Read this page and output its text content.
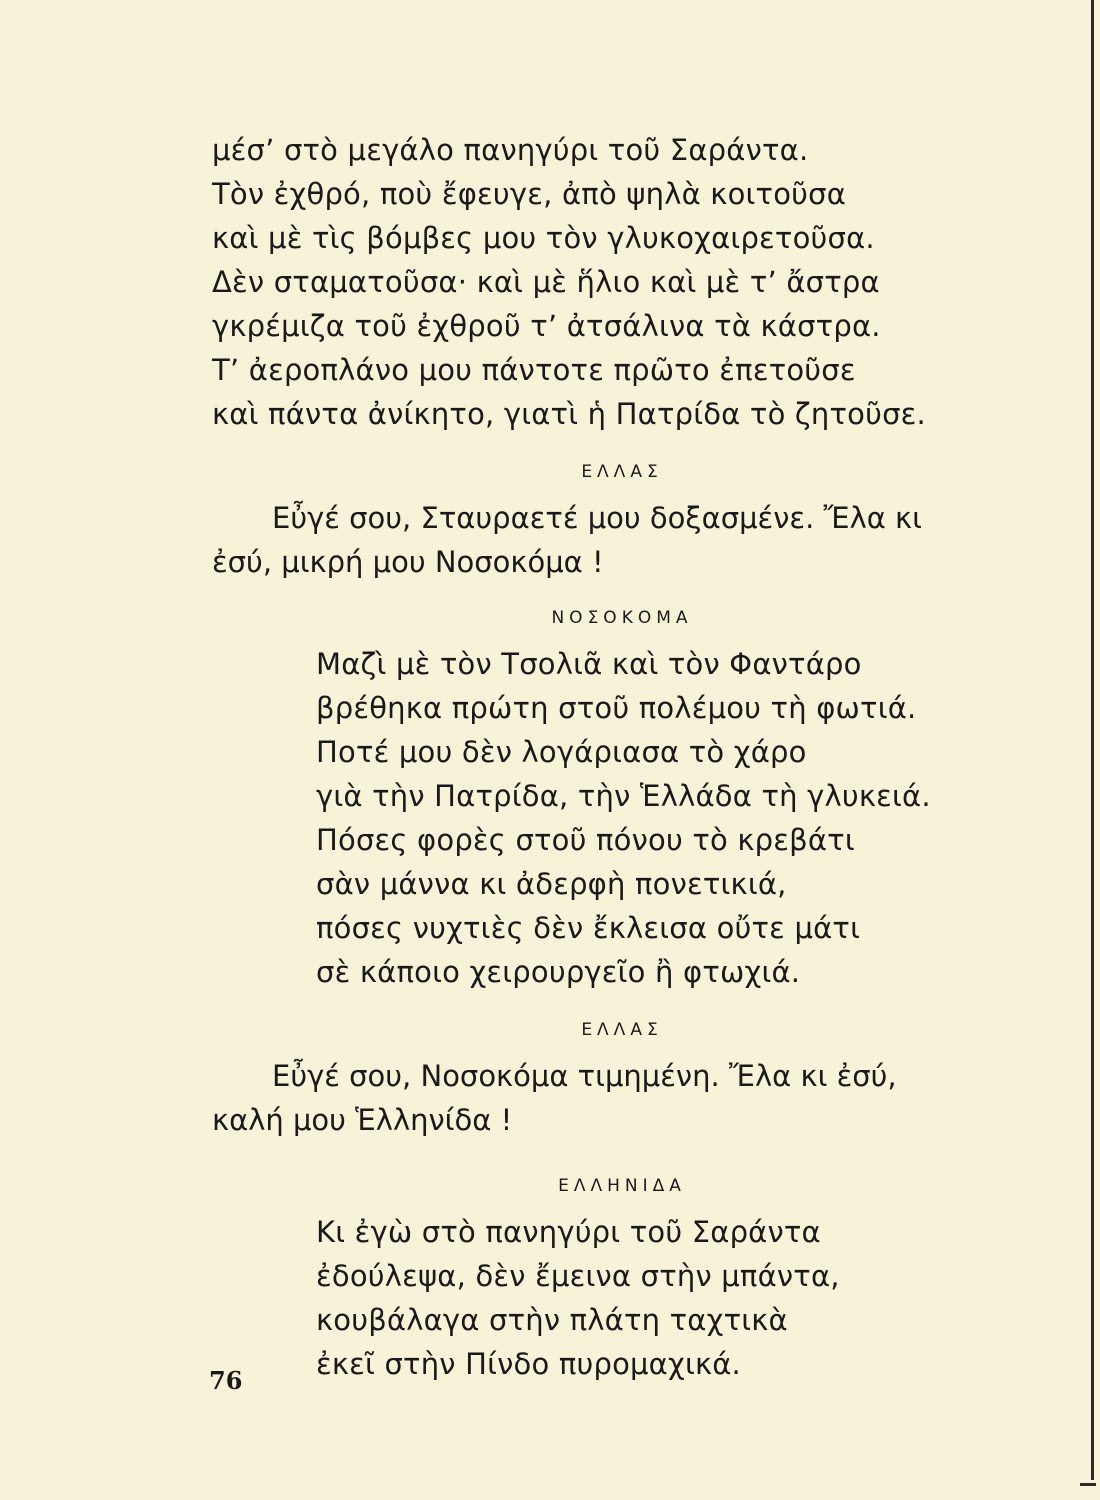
μέσ’ στὸ μεγάλο πανηγύρι τοῦ Σαράντα.
Τὸν ἐχθρό, ποὺ ἔφευγε, ἀπὸ ψηλὰ κοιτοῦσα
καὶ μὲ τὶς βόμβες μου τὸν γλυκοχαιρετοῦσα.
Δὲν σταματοῦσα· καὶ μὲ ἥλιο καὶ μὲ τ’ ἄστρα
γκρέμιζα τοῦ ἐχθροῦ τ’ ἀτσάλινα τὰ κάστρα.
Τ’ ἀεροπλάνο μου πάντοτε πρῶτο ἐπετοῦσε
καὶ πάντα ἀνίκητο, γιατὶ ἡ Πατρίδα τὸ ζητοῦσε.
ΕΛΛΑΣ
Εὖγέ σου, Σταυραετέ μου δοξασμένε. Ἔλα κι
ἐσύ, μικρή μου Νοσοκόμα !
ΝΟΣΟΚΟΜΑ
Μαζὶ μὲ τὸν Τσολιᾶ καὶ τὸν Φαντάρο
βρέθηκα πρώτη στοῦ πολέμου τὴ φωτιά.
Ποτέ μου δὲν λογάριασα τὸ χάρο
γιὰ τὴν Πατρίδα, τὴν Ἑλλάδα τὴ γλυκειά.
Πόσες φορὲς στοῦ πόνου τὸ κρεβάτι
σὰν μάννα κι ἀδερφὴ πονετικιά,
πόσες νυχτιὲς δὲν ἔκλεισα οὔτε μάτι
σὲ κάποιο χειρουργεῖο ἢ φτωχιά.
ΕΛΛΑΣ
Εὖγέ σου, Νοσοκόμα τιμημένη. Ἔλα κι ἐσύ,
καλή μου Ἑλληνίδα !
ΕΛΛΗΝΙΔΑ
Κι ἐγὼ στὸ πανηγύρι τοῦ Σαράντα
ἐδούλεψα, δὲν ἔμεινα στὴν μπάντα,
κουβάλαγα στὴν πλάτη ταχτικὰ
ἐκεῖ στὴν Πίνδο πυρομαχικά.
76
